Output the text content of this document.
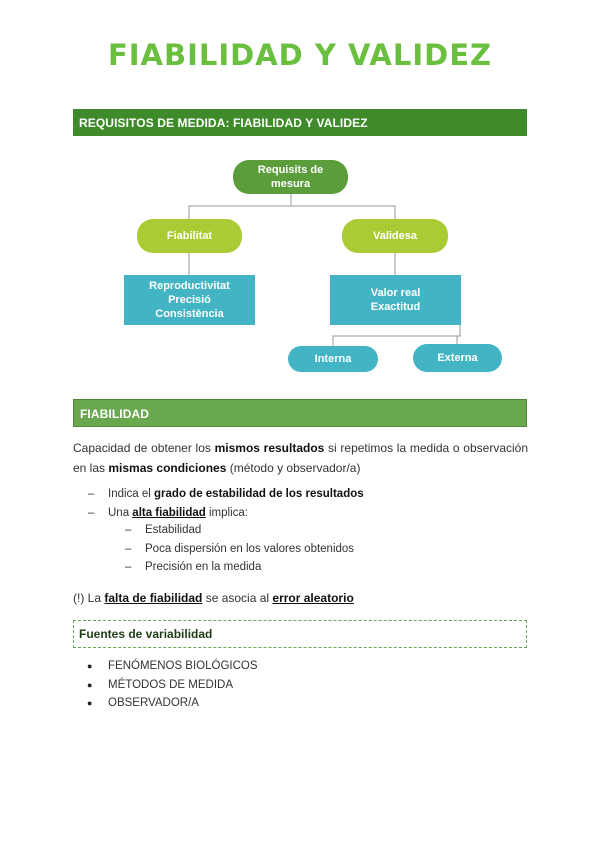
FIABILIDAD Y VALIDEZ
REQUISITOS DE MEDIDA: FIABILIDAD Y VALIDEZ
Requisits de
mesura
Fiabilitat	Validesa
Reproductivitat
Precisió
Consistència
Valor real
Exactitud
Interna	Externa
FIABILIDAD
Capacidad de obtener los mismos resultados si repetimos la medida o observación en las mismas condiciones (método y observador/a)
– Indica el grado de estabilidad de los resultados
– Una alta fiabilidad implica:
– Estabilidad
– Poca dispersión en los valores obtenidos
– Precisión en la medida
(!) La falta de fiabilidad se asocia al error aleatorio
Fuentes de variabilidad
● FENÓMENOS BIOLÓGICOS
● MÉTODOS DE MEDIDA
● OBSERVADOR/A
